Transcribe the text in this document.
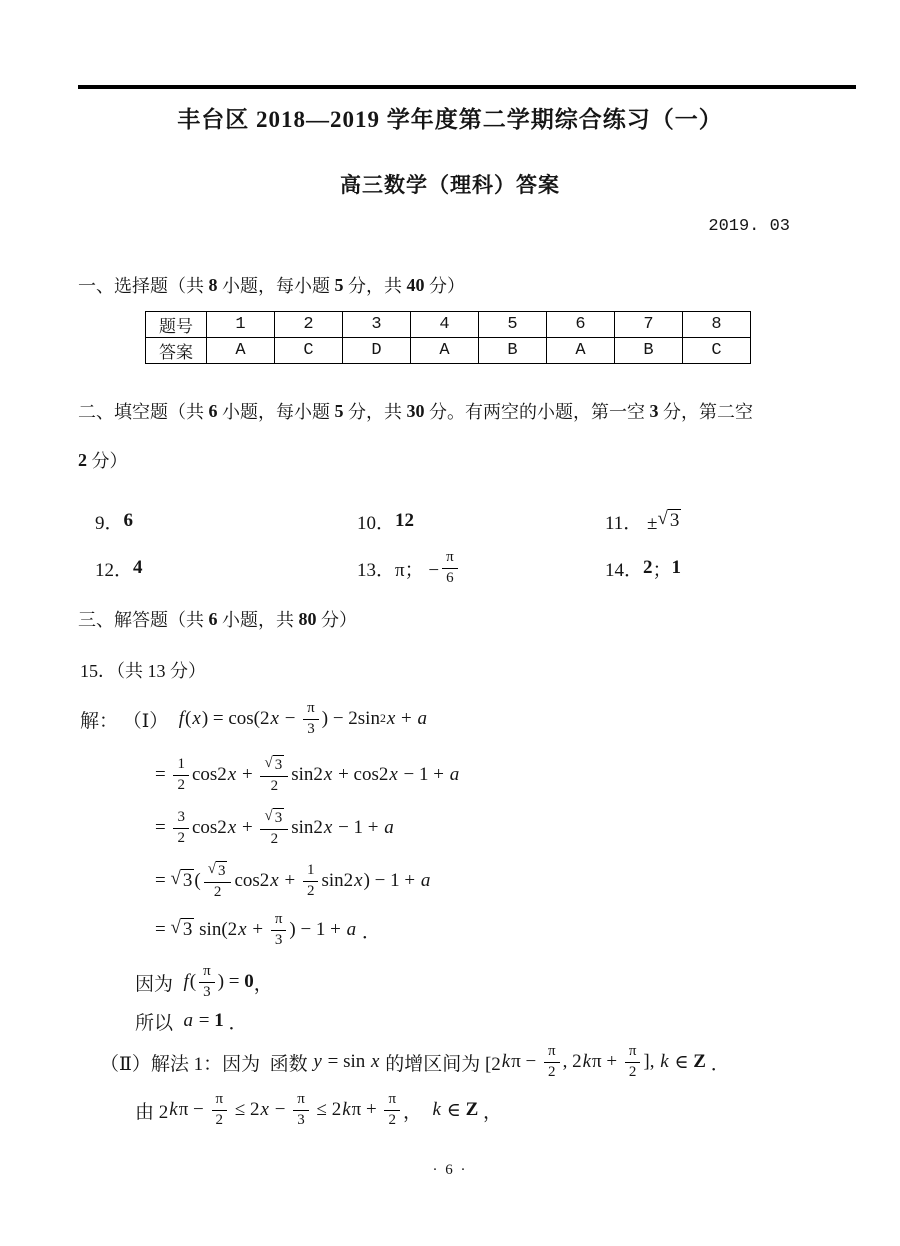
丰台区 2018—2019 学年度第二学期综合练习（一）
高三数学（理科）答案
2019. 03
一、选择题（共 8 小题，每小题 5 分，共 40 分）
题号	1	2	3	4	5	6	7	8
答案	A	C	D	A	B	A	B	C
二、填空题（共 6 小题，每小题 5 分，共 30 分。有两空的小题，第一空 3 分，第二空
2 分）
9． 6	10． 12	11． ± √ 3
12． 4	13．π； − $\frac{\pi}{6}$	14． 2 ； 1
三、解答题（共 6 小题，共 80 分）
15．（共 13 分）
解： （Ⅰ） f ( x ) = cos(2 $x - \frac{\pi}{3}$ ) − 2sin 2 x + a
= $\frac{1}{2} \cos 2$ $x + \frac{√ 3}{2} \sin 2$ x + cos2 x − 1 + a
= $\frac{3}{2} \cos 2$ $x + \frac{√ 3}{2} \sin 2$ x − 1 + a
= √ 3 ( $\frac{√ 3}{2} \cos 2$ $x + \frac{1}{2} \sin 2$ x ) − 1 + a
= √ 3 sin(2 $x + \frac{\pi}{3}$ ) − 1 + a ．
因为 f ( $\frac{\pi}{3}$ ) = 0 ，
所以 a = 1 ．
（Ⅱ）解法 1：因为  函数 y = sin x 的增区间为 [2 k $\pi - \frac{\pi}{2}$ , 2 k $\pi + \frac{\pi}{2}$ ], k ∈ Z ．
由 2 k $\pi - \frac{\pi}{2} \le 2$ $x - \frac{\pi}{3} \le 2$ k $\pi + \frac{\pi}{2}$ ， k ∈ Z ，
· 6 ·
